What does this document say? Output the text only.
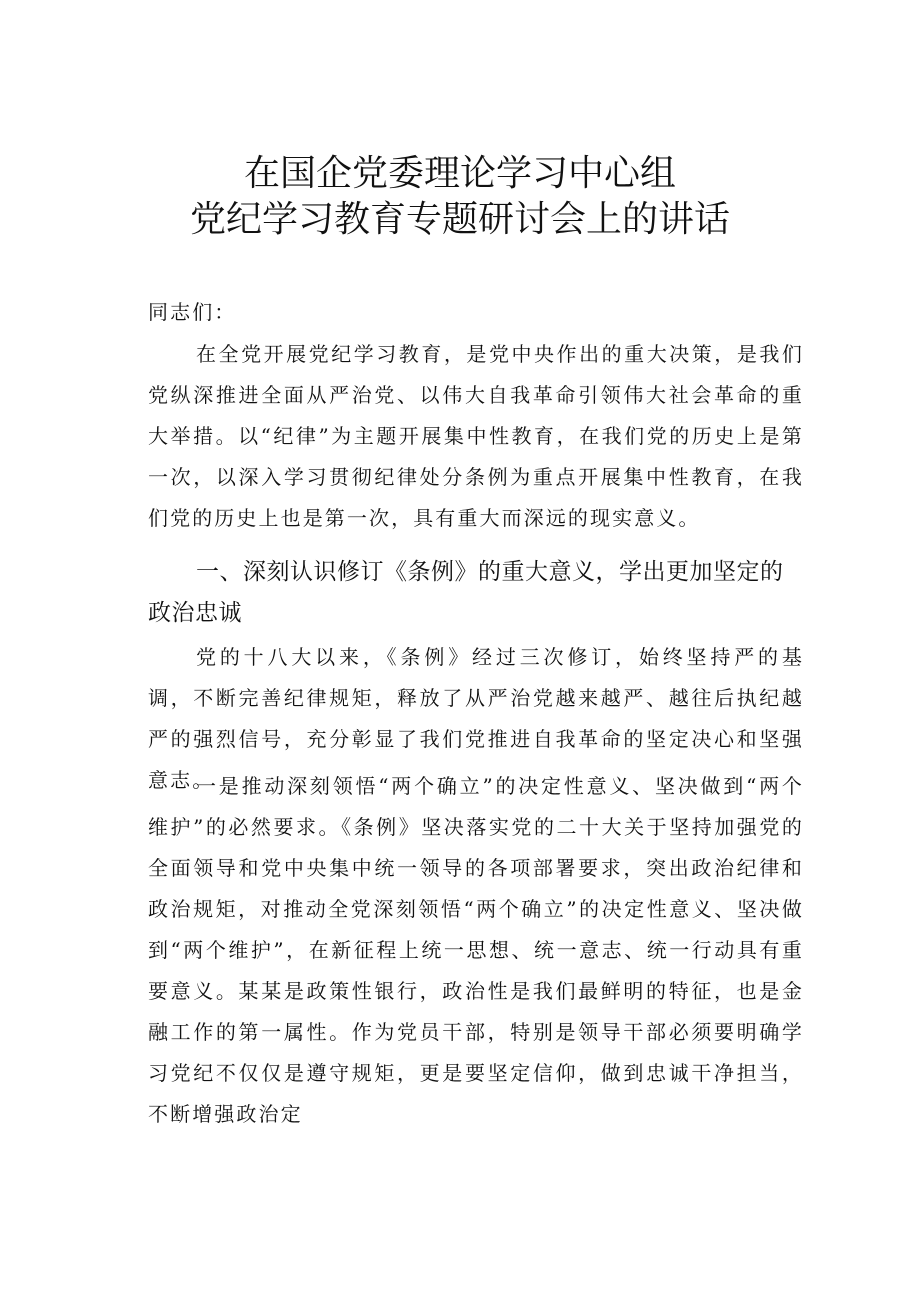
在国企党委理论学习中心组
党纪学习教育专题研讨会上的讲话

同志们：

在全党开展党纪学习教育，是党中央作出的重大决策，是我们党纵深推进全面从严治党、以伟大自我革命引领伟大社会革命的重大举措。以“纪律”为主题开展集中性教育，在我们党的历史上是第一次，以深入学习贯彻纪律处分条例为重点开展集中性教育，在我们党的历史上也是第一次，具有重大而深远的现实意义。

一、深刻认识修订《条例》的重大意义，学出更加坚定的政治忠诚

党的十八大以来，《条例》经过三次修订，始终坚持严的基调，不断完善纪律规矩，释放了从严治党越来越严、越往后执纪越严的强烈信号，充分彰显了我们党推进自我革命的坚定决心和坚强意志。

一是推动深刻领悟“两个确立”的决定性意义、坚决做到“两个维护”的必然要求。《条例》坚决落实党的二十大关于坚持加强党的全面领导和党中央集中统一领导的各项部署要求，突出政治纪律和政治规矩，对推动全党深刻领悟“两个确立”的决定性意义、坚决做到“两个维护”，在新征程上统一思想、统一意志、统一行动具有重要意义。某某是政策性银行，政治性是我们最鲜明的特征，也是金融工作的第一属性。作为党员干部，特别是领导干部必须要明确学习党纪不仅仅是遵守规矩，更是要坚定信仰，做到忠诚干净担当，不断增强政治定
